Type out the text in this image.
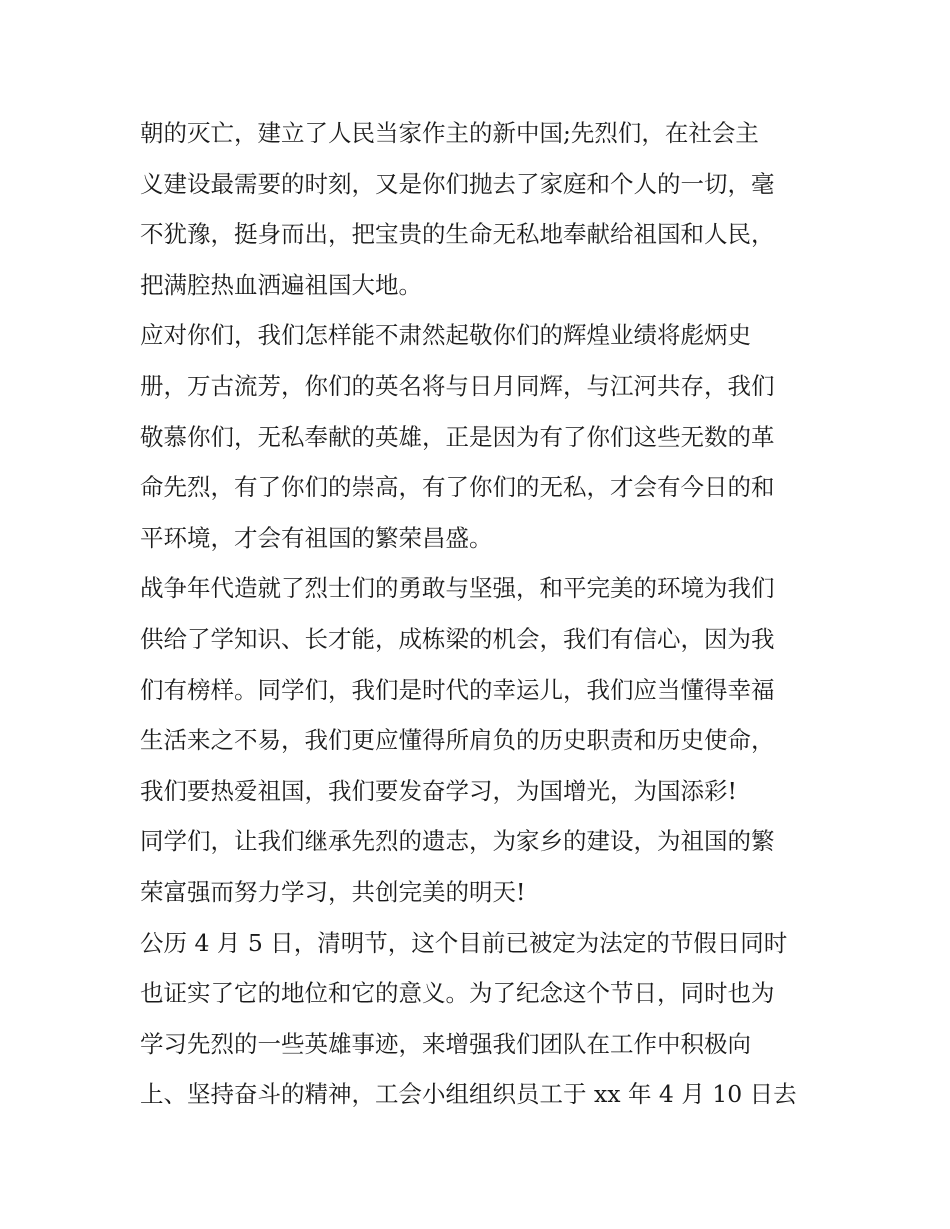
朝的灭亡，建立了人民当家作主的新中国;先烈们，在社会主
义建设最需要的时刻，又是你们抛去了家庭和个人的一切，毫
不犹豫，挺身而出，把宝贵的生命无私地奉献给祖国和人民，
把满腔热血洒遍祖国大地。
应对你们，我们怎样能不肃然起敬你们的辉煌业绩将彪炳史
册，万古流芳，你们的英名将与日月同辉，与江河共存，我们
敬慕你们，无私奉献的英雄，正是因为有了你们这些无数的革
命先烈，有了你们的崇高，有了你们的无私，才会有今日的和
平环境，才会有祖国的繁荣昌盛。
战争年代造就了烈士们的勇敢与坚强，和平完美的环境为我们
供给了学知识、长才能，成栋梁的机会，我们有信心，因为我
们有榜样。同学们，我们是时代的幸运儿，我们应当懂得幸福
生活来之不易，我们更应懂得所肩负的历史职责和历史使命，
我们要热爱祖国，我们要发奋学习，为国增光，为国添彩!
同学们，让我们继承先烈的遗志，为家乡的建设，为祖国的繁
荣富强而努力学习，共创完美的明天!
公历 4 月 5 日，清明节，这个目前已被定为法定的节假日同时
也证实了它的地位和它的意义。为了纪念这个节日，同时也为
学习先烈的一些英雄事迹，来增强我们团队在工作中积极向
上、坚持奋斗的精神，工会小组组织员工于 xx 年 4 月 10 日去
